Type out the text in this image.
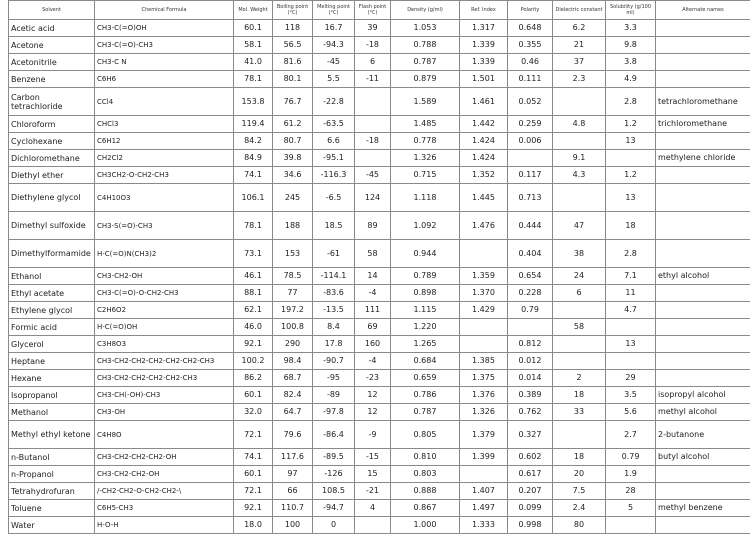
Solvent	Chemical Formula	Mol. Weight	Boiling point (°C)	Melting point (°C)	Flash point (°C)	Density (g/ml)	Ref. Index	Polarity	Dielectric constant	Solubility (g/100 ml)	Alternate names
Acetic acid	CH3-C(=O)OH	60.1	118	16.7	39	1.053	1.317	0.648	6.2	3.3	
Acetone	CH3-C(=O)-CH3	58.1	56.5	-94.3	-18	0.788	1.339	0.355	21	9.8	
Acetonitrile	CH3-C N	41.0	81.6	-45	6	0.787	1.339	0.46	37	3.8	
Benzene	C6H6	78.1	80.1	5.5	-11	0.879	1.501	0.111	2.3	4.9	
Carbon tetrachloride	CCl4	153.8	76.7	-22.8		1.589	1.461	0.052		2.8	tetrachloromethane
Chloroform	CHCl3	119.4	61.2	-63.5		1.485	1.442	0.259	4.8	1.2	trichloromethane
Cyclohexane	C6H12	84.2	80.7	6.6	-18	0.778	1.424	0.006		13	
Dichloromethane	CH2Cl2	84.9	39.8	-95.1		1.326	1.424		9.1		methylene chloride
Diethyl ether	CH3CH2-O-CH2-CH3	74.1	34.6	-116.3	-45	0.715	1.352	0.117	4.3	1.2	
Diethylene glycol	C4H10O3	106.1	245	-6.5	124	1.118	1.445	0.713		13	
Dimethyl sulfoxide	CH3-S(=O)-CH3	78.1	188	18.5	89	1.092	1.476	0.444	47	18	
Dimethylformamide	H-C(=O)N(CH3)2	73.1	153	-61	58	0.944		0.404	38	2.8	
Ethanol	CH3-CH2-OH	46.1	78.5	-114.1	14	0.789	1.359	0.654	24	7.1	ethyl alcohol
Ethyl acetate	CH3-C(=O)-O-CH2-CH3	88.1	77	-83.6	-4	0.898	1.370	0.228	6	11	
Ethylene glycol	C2H6O2	62.1	197.2	-13.5	111	1.115	1.429	0.79		4.7	
Formic acid	H-C(=O)OH	46.0	100.8	8.4	69	1.220			58		
Glycerol	C3H8O3	92.1	290	17.8	160	1.265		0.812		13	
Heptane	CH3-CH2-CH2-CH2-CH2-CH2-CH3	100.2	98.4	-90.7	-4	0.684	1.385	0.012			
Hexane	CH3-CH2-CH2-CH2-CH2-CH3	86.2	68.7	-95	-23	0.659	1.375	0.014	2	29	
Isopropanol	CH3-CH(-OH)-CH3	60.1	82.4	-89	12	0.786	1.376	0.389	18	3.5	isopropyl alcohol
Methanol	CH3-OH	32.0	64.7	-97.8	12	0.787	1.326	0.762	33	5.6	methyl alcohol
Methyl ethyl ketone	C4H8O	72.1	79.6	-86.4	-9	0.805	1.379	0.327		2.7	2-butanone
n-Butanol	CH3-CH2-CH2-CH2-OH	74.1	117.6	-89.5	-15	0.810	1.399	0.602	18	0.79	butyl alcohol
n-Propanol	CH3-CH2-CH2-OH	60.1	97	-126	15	0.803		0.617	20	1.9	
Tetrahydrofuran	/-CH2-CH2-O-CH2-CH2-\	72.1	66	108.5	-21	0.888	1.407	0.207	7.5	28	
Toluene	C6H5-CH3	92.1	110.7	-94.7	4	0.867	1.497	0.099	2.4	5	methyl benzene
Water	H-O-H	18.0	100	0		1.000	1.333	0.998	80		
